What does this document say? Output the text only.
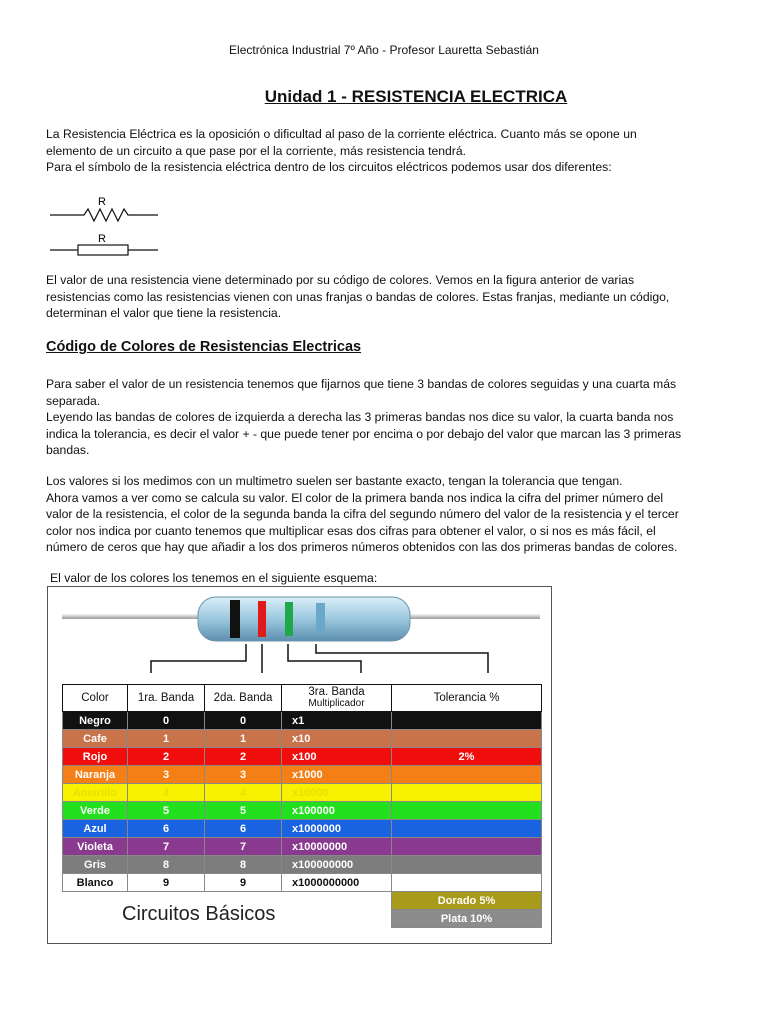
Electrónica Industrial 7º Año - Profesor Lauretta Sebastián
Unidad 1 - RESISTENCIA ELECTRICA

La Resistencia Eléctrica es la oposición o dificultad al paso de la corriente eléctrica. Cuanto más se opone un

elemento de un circuito a que pase por el la corriente, más resistencia tendrá.

Para el símbolo de la resistencia eléctrica dentro de los circuitos eléctricos podemos usar dos diferentes:

R
R

El valor de una resistencia viene determinado por su código de colores. Vemos en la figura anterior de varias

resistencias como las resistencias vienen con unas franjas o bandas de colores. Estas franjas, mediante un código,

determinan el valor que tiene la resistencia.

Código de Colores de Resistencias Electricas

Para saber el valor de un resistencia tenemos que fijarnos que tiene 3 bandas de colores seguidas y una cuarta más

separada.

Leyendo las bandas de colores de izquierda a derecha las 3 primeras bandas nos dice su valor, la cuarta banda nos

indica la tolerancia, es decir el valor + - que puede tener por encima o por debajo del valor que marcan las 3 primeras

bandas.

Los valores si los medimos con un multimetro suelen ser bastante exacto, tengan la tolerancia que tengan.

Ahora vamos a ver como se calcula su valor. El color de la primera banda nos indica la cifra del primer número del

valor de la resistencia, el color de la segunda banda la cifra del segundo número del valor de la resistencia y el tercer

color nos indica por cuanto tenemos que multiplicar esas dos cifras para obtener el valor, o si nos es más fácil, el

número de ceros que hay que añadir a los dos primeros números obtenidos con las dos primeras bandas de colores.

El valor de los colores los tenemos en el siguiente esquema:
Color	1ra. Banda	2da. Banda	3ra. Banda
Multiplicador	Tolerancia %
Negro	0	0	x1	
Cafe	1	1	x10	
Rojo	2	2	x100	2%
Naranja	3	3	x1000	
Amarillo	4	4	x10000	
Verde	5	5	x100000	
Azul	6	6	x1000000	
Violeta	7	7	x10000000	
Gris	8	8	x100000000	
Blanco	9	9	x1000000000	
				Dorado 5%
				Plata 10%
Circuitos Básicos
